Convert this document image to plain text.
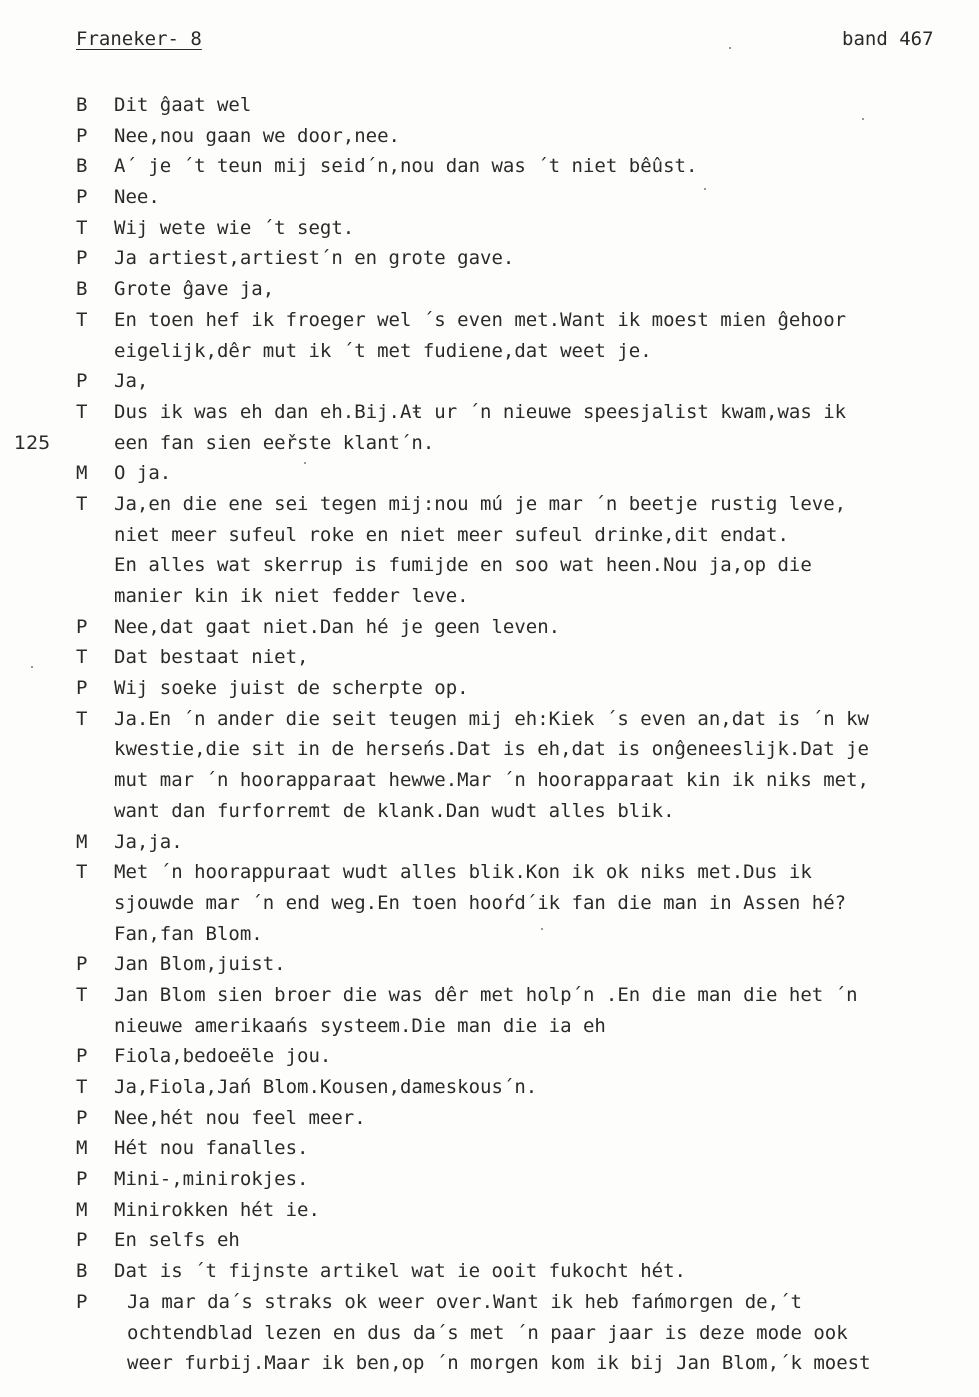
Franeker- 8	band 467
B	Dit ĝaat wel
P	Nee,nou gaan we door,nee.
B	A΄ je ΄t teun mij seid΄n,nou dan was ΄t niet bêûst.
P	Nee.
T	Wij wete wie ΄t segt.
P	Ja artiest,artiest΄n en grote gave.
B	Grote ĝave ja,
T	En toen hef ik froeger wel ΄s even met.Want ik moest mien ĝehoor
eigelijk,dêr mut ik ΄t met fudiene,dat weet je.
P	Ja,
T	Dus ik was eh dan eh.Bij.Aŧ ur ΄n nieuwe speesjalist kwam,was ik
een fan sien eeřste klant΄n.
125
M	O ja.
T	Ja,en die ene sei tegen mij:nou mú je mar ΄n beetje rustig leve,
niet meer sufeul roke en niet meer sufeul drinke,dit endat.
En alles wat skerrup is fumijde en soo wat heen.Nou ja,op die
manier kin ik niet fedder leve.
P	Nee,dat gaat niet.Dan hé je geen leven.
T	Dat bestaat niet,
P	Wij soeke juist de scherpte op.
T	Ja.En ΄n ander die seit teugen mij eh:Kiek ΄s even an,dat is ΄n kw
kwestie,die sit in de herseńs.Dat is eh,dat is onĝeneeslijk.Dat je
mut mar ΄n hoorapparaat hewwe.Mar ΄n hoorapparaat kin ik niks met,
want dan furforremt de klank.Dan wudt alles blik.
M	Ja,ja.
T	Met ΄n hoorappuraat wudt alles blik.Kon ik ok niks met.Dus ik
sjouwde mar ΄n end weg.En toen hooŕd΄ik fan die man in Assen hé?
Fan,fan Blom.
P	Jan Blom,juist.
T	Jan Blom sien broer die was dêr met holp΄n .En die man die het ΄n
nieuwe amerikaańs systeem.Die man die ia eh
P	Fiola,bedoeële jou.
T	Ja,Fiola,Jań Blom.Kousen,dameskous΄n.
P	Nee,hét nou feel meer.
M	Hét nou fanalles.
P	Mini-,minirokjes.
M	Minirokken hét ie.
P	En selfs eh
B	Dat is ΄t fijnste artikel wat ie ooit fukocht hét.
P	Ja mar da΄s straks ok weer over.Want ik heb fańmorgen de,΄t
ochtendblad lezen en dus da΄s met ΄n paar jaar is deze mode ook
weer furbij.Maar ik ben,op ΄n morgen kom ik bij Jan Blom,΄k moest
